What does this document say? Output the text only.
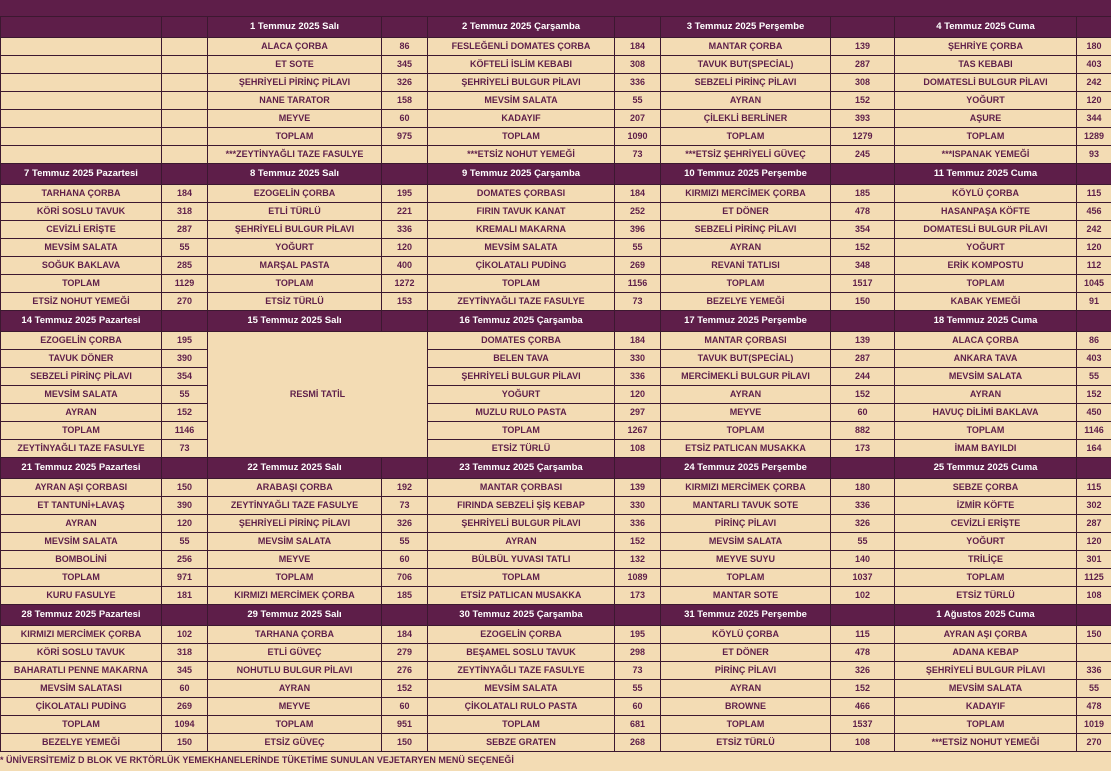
		1 Temmuz 2025 Salı		2 Temmuz 2025 Çarşamba		3 Temmuz 2025 Perşembe		4 Temmuz 2025 Cuma	
		ALACA ÇORBA	86	FESLEĞENLİ DOMATES ÇORBA	184	MANTAR ÇORBA	139	ŞEHRİYE ÇORBA	180
		ET SOTE	345	KÖFTELİ İSLİM KEBABI	308	TAVUK BUT(SPECİAL)	287	TAS KEBABI	403
		ŞEHRİYELİ PİRİNÇ PİLAVI	326	ŞEHRİYELİ BULGUR PİLAVI	336	SEBZELİ PİRİNÇ PİLAVI	308	DOMATESLİ BULGUR PİLAVI	242
		NANE TARATOR	158	MEVSİM SALATA	55	AYRAN	152	YOĞURT	120
		MEYVE	60	KADAYIF	207	ÇİLEKLİ BERLİNER	393	AŞURE	344
		TOPLAM	975	TOPLAM	1090	TOPLAM	1279	TOPLAM	1289
		***ZEYTİNYAĞLI TAZE FASULYE		***ETSİZ NOHUT YEMEĞİ	73	***ETSİZ ŞEHRİYELİ GÜVEÇ	245	***ISPANAK YEMEĞİ	93
7 Temmuz 2025 Pazartesi		8 Temmuz 2025 Salı		9 Temmuz 2025 Çarşamba		10 Temmuz 2025 Perşembe		11 Temmuz 2025 Cuma	
TARHANA ÇORBA	184	EZOGELİN ÇORBA	195	DOMATES ÇORBASI	184	KIRMIZI MERCİMEK ÇORBA	185	KÖYLÜ ÇORBA	115
KÖRİ SOSLU TAVUK	318	ETLİ TÜRLÜ	221	FIRIN TAVUK KANAT	252	ET DÖNER	478	HASANPAŞA KÖFTE	456
CEVİZLİ ERİŞTE	287	ŞEHRİYELİ BULGUR PİLAVI	336	KREMALI MAKARNA	396	SEBZELİ PİRİNÇ PİLAVI	354	DOMATESLİ BULGUR PİLAVI	242
MEVSİM SALATA	55	YOĞURT	120	MEVSİM SALATA	55	AYRAN	152	YOĞURT	120
SOĞUK BAKLAVA	285	MARŞAL PASTA	400	ÇİKOLATALI PUDİNG	269	REVANİ TATLISI	348	ERİK KOMPOSTU	112
TOPLAM	1129	TOPLAM	1272	TOPLAM	1156	TOPLAM	1517	TOPLAM	1045
ETSİZ NOHUT YEMEĞİ	270	ETSİZ TÜRLÜ	153	ZEYTİNYAĞLI TAZE FASULYE	73	BEZELYE YEMEĞİ	150	KABAK YEMEĞİ	91
14 Temmuz 2025 Pazartesi		15 Temmuz 2025 Salı		16 Temmuz 2025 Çarşamba		17 Temmuz 2025 Perşembe		18 Temmuz 2025 Cuma	
EZOGELİN ÇORBA	195	RESMİ TATİL		DOMATES ÇORBA	184	MANTAR ÇORBASI	139	ALACA ÇORBA	86
TAVUK DÖNER	390			BELEN TAVA	330	TAVUK BUT(SPECİAL)	287	ANKARA TAVA	403
SEBZELİ PİRİNÇ PİLAVI	354			ŞEHRİYELİ BULGUR PİLAVI	336	MERCİMEKLİ BULGUR PİLAVI	244	MEVSİM SALATA	55
MEVSİM SALATA	55			YOĞURT	120	AYRAN	152	AYRAN	152
AYRAN	152			MUZLU RULO PASTA	297	MEYVE	60	HAVUÇ DİLİMİ BAKLAVA	450
TOPLAM	1146			TOPLAM	1267	TOPLAM	882	TOPLAM	1146
ZEYTİNYAĞLI TAZE FASULYE	73			ETSİZ TÜRLÜ	108	ETSİZ PATLICAN MUSAKKA	173	İMAM BAYILDI	164
21 Temmuz 2025 Pazartesi		22 Temmuz 2025 Salı		23 Temmuz 2025 Çarşamba		24 Temmuz 2025 Perşembe		25 Temmuz 2025 Cuma	
AYRAN AŞI ÇORBASI	150	ARABAŞI ÇORBA	192	MANTAR ÇORBASI	139	KIRMIZI MERCİMEK ÇORBA	180	SEBZE ÇORBA	115
ET TANTUNİ+LAVAŞ	390	ZEYTİNYAĞLI TAZE FASULYE	73	FIRINDA SEBZELİ ŞİŞ KEBAP	330	MANTARLI TAVUK SOTE	336	İZMİR KÖFTE	302
AYRAN	120	ŞEHRİYELİ PİRİNÇ PİLAVI	326	ŞEHRİYELİ BULGUR PİLAVI	336	PİRİNÇ PİLAVI	326	CEVİZLİ ERİŞTE	287
MEVSİM SALATA	55	MEVSİM SALATA	55	AYRAN	152	MEVSİM SALATA	55	YOĞURT	120
BOMBOLİNİ	256	MEYVE	60	BÜLBÜL YUVASI TATLI	132	MEYVE SUYU	140	TRİLİÇE	301
TOPLAM	971	TOPLAM	706	TOPLAM	1089	TOPLAM	1037	TOPLAM	1125
KURU FASULYE	181	KIRMIZI MERCİMEK ÇORBA	185	ETSİZ PATLICAN MUSAKKA	173	MANTAR SOTE	102	ETSİZ TÜRLÜ	108
28 Temmuz 2025 Pazartesi		29 Temmuz 2025 Salı		30 Temmuz 2025 Çarşamba		31 Temmuz 2025 Perşembe		1 Ağustos 2025 Cuma	
KIRMIZI MERCİMEK ÇORBA	102	TARHANA ÇORBA	184	EZOGELİN ÇORBA	195	KÖYLÜ ÇORBA	115	AYRAN AŞI ÇORBA	150
KÖRİ SOSLU TAVUK	318	ETLİ GÜVEÇ	279	BEŞAMEL SOSLU TAVUK	298	ET DÖNER	478	ADANA KEBAP	
BAHARATLI PENNE MAKARNA	345	NOHUTLU BULGUR PİLAVI	276	ZEYTİNYAĞLI TAZE FASULYE	73	PİRİNÇ PİLAVI	326	ŞEHRİYELİ BULGUR PİLAVI	336
MEVSİM SALATASI	60	AYRAN	152	MEVSİM SALATA	55	AYRAN	152	MEVSİM SALATA	55
ÇİKOLATALI PUDİNG	269	MEYVE	60	ÇİKOLATALI RULO PASTA	60	BROWNE	466	KADAYIF	478
TOPLAM	1094	TOPLAM	951	TOPLAM	681	TOPLAM	1537	TOPLAM	1019
BEZELYE YEMEĞİ	150	ETSİZ GÜVEÇ	150	SEBZE GRATEN	268	ETSİZ TÜRLÜ	108	***ETSİZ NOHUT YEMEĞİ	270
* ÜNİVERSİTEMİZ D BLOK VE RKTÖRLÜK YEMEKHANELERİNDE TÜKETİME SUNULAN VEJETARYEN MENÜ SEÇENEĞİ
